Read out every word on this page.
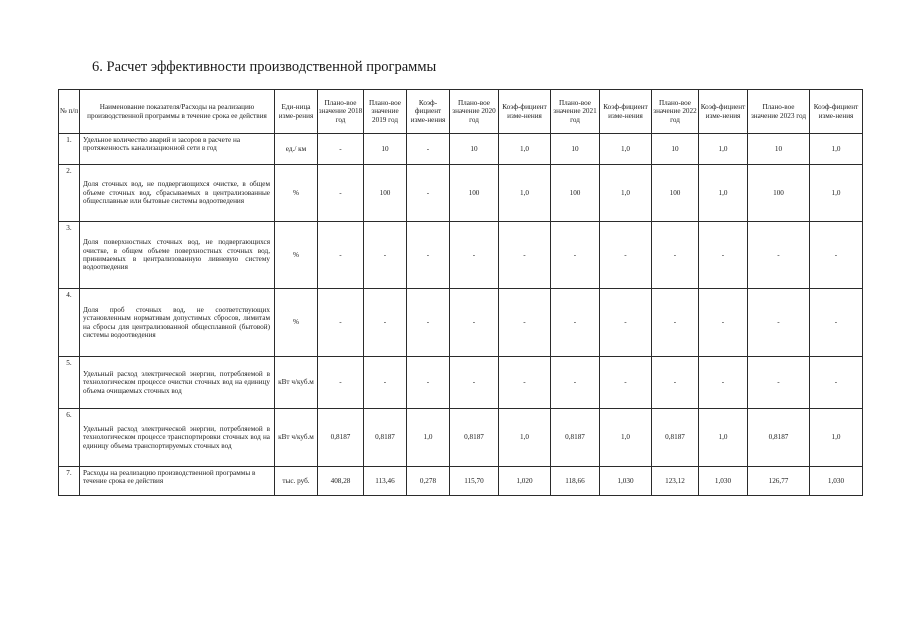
6. Расчет эффективности производственной программы
№ п/п	Наименование показателя/Расходы на реализацию производственной программы в течение срока ее действия	Еди-ница изме-рения	Плано-вое значение 2018 год	Плано-вое значение 2019 год	Коэф-фициент изме-нения	Плано-вое значение 2020 год	Коэф-фициент изме-нения	Плано-вое значение 2021 год	Коэф-фициент изме-нения	Плано-вое значение 2022 год	Коэф-фициент изме-нения	Плано-вое значение 2023 год	Коэф-фициент изме-нения
1.	Удельное количество аварий и засоров в расчете на протяженность канализационной сети в год	ед./ км	-	10	-	10	1,0	10	1,0	10	1,0	10	1,0
2.	Доля сточных вод, не подвергающихся очистке, в общем объеме сточных вод, сбрасываемых в централизованные общесплавные или бытовые системы водоотведения	%	-	100	-	100	1,0	100	1,0	100	1,0	100	1,0
3.	Доля поверхностных сточных вод, не подвергающихся очистке, в общем объеме поверхностных сточных вод, принимаемых в централизованную ливневую систему водоотведения	%	-	-	-	-	-	-	-	-	-	-	-
4.	Доля проб сточных вод, не соответствующих установленным нормативам допустимых сбросов, лимитам на сбросы для централизованной общесплавной (бытовой) системы водоотведения	%	-	-	-	-	-	-	-	-	-	-	-
5.	Удельный расход электрической энергии, потребляемой в технологическом процессе очистки сточных вод на единицу объема очищаемых сточных вод	кВт ч/куб.м	-	-	-	-	-	-	-	-	-	-	-
6.	Удельный расход электрической энергии, потребляемой в технологическом процессе транспортировки сточных вод на единицу объема транспортируемых сточных вод	кВт ч/куб.м	0,8187	0,8187	1,0	0,8187	1,0	0,8187	1,0	0,8187	1,0	0,8187	1,0
7.	Расходы на реализацию производственной программы в течение срока ее действия	тыс. руб.	408,28	113,46	0,278	115,70	1,020	118,66	1,030	123,12	1,030	126,77	1,030
